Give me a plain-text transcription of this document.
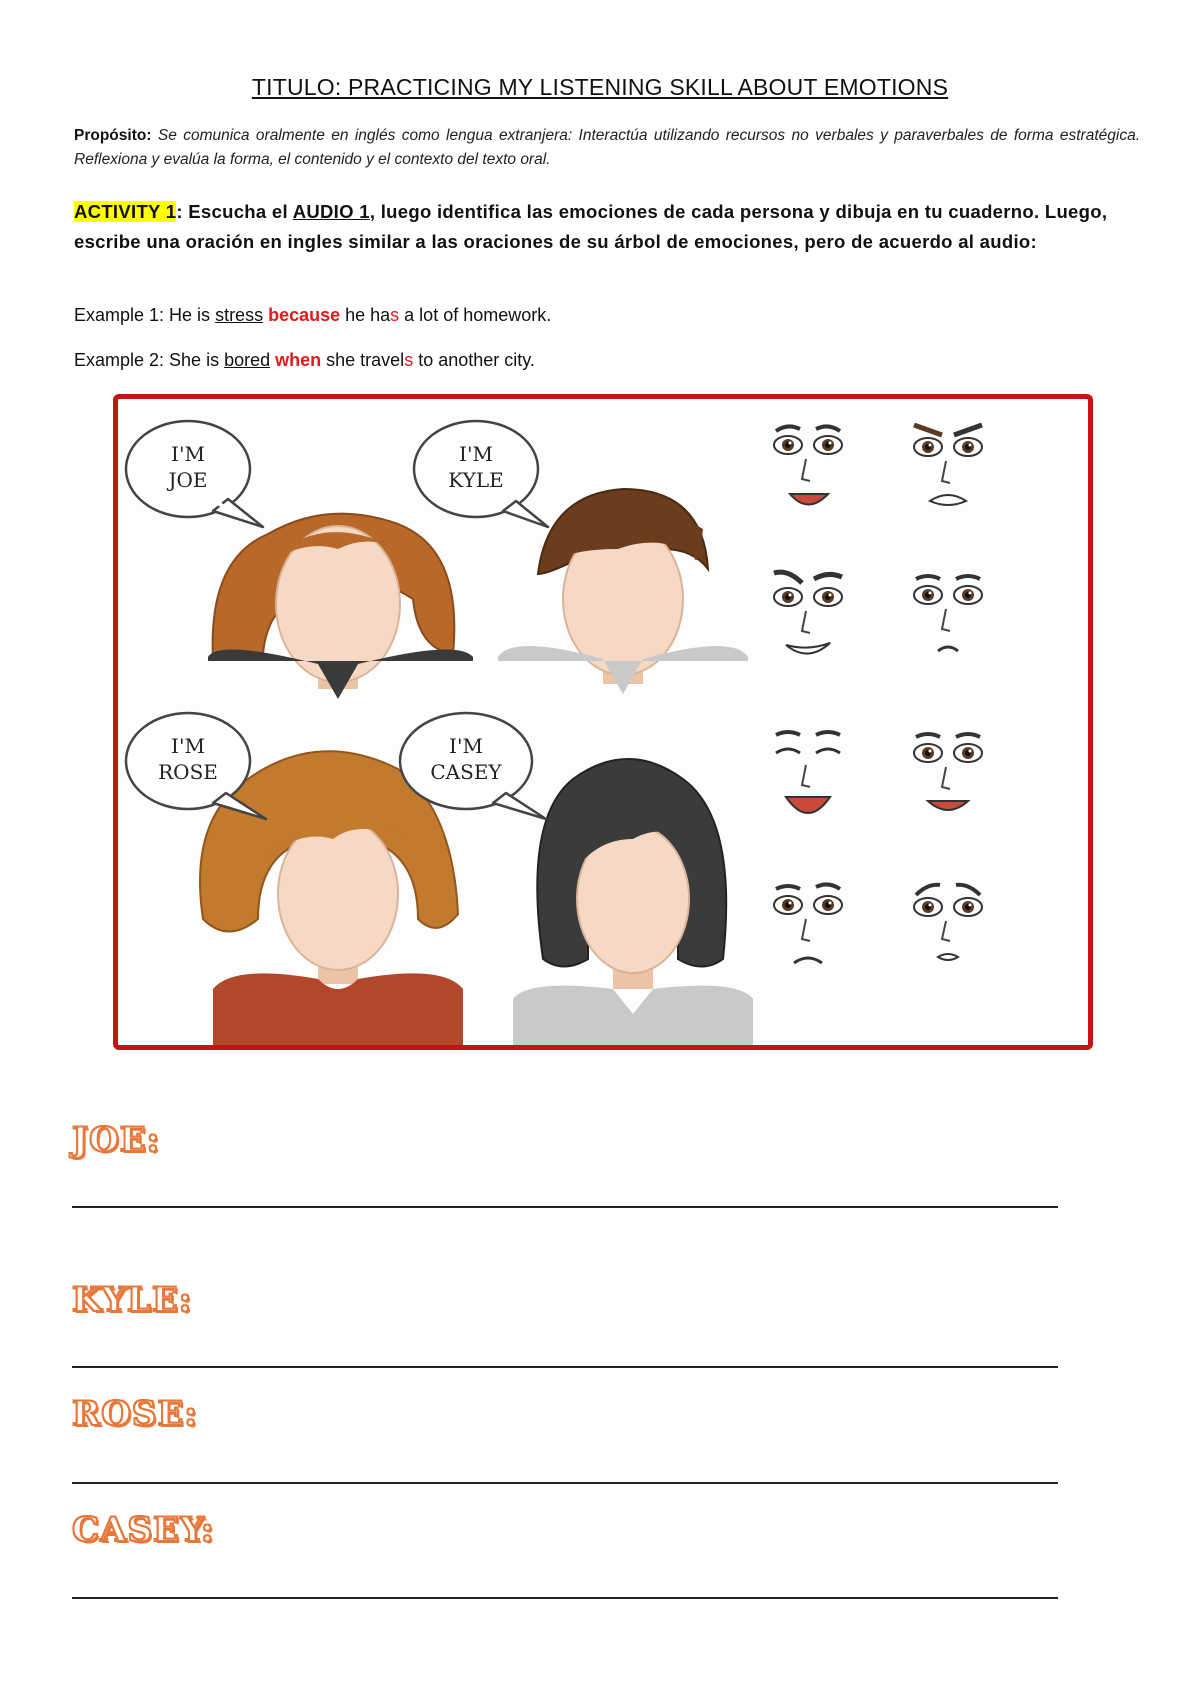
TITULO: PRACTICING MY LISTENING SKILL ABOUT EMOTIONS
Propósito: Se comunica oralmente en inglés como lengua extranjera: Interactúa utilizando recursos no verbales y paraverbales de forma estratégica. Reflexiona y evalúa la forma, el contenido y el contexto del texto oral.
ACTIVITY 1: Escucha el AUDIO 1, luego identifica las emociones de cada persona y dibuja en tu cuaderno. Luego, escribe una oración en ingles similar a las oraciones de su árbol de emociones, pero de acuerdo al audio:
Example 1: He is stress because he has a lot of homework.
Example 2: She is bored when she travels to another city.
I'M
JOE
I'M
KYLE
I'M
ROSE
I'M
CASEY
JOE:
KYLE:
ROSE:
CASEY:
